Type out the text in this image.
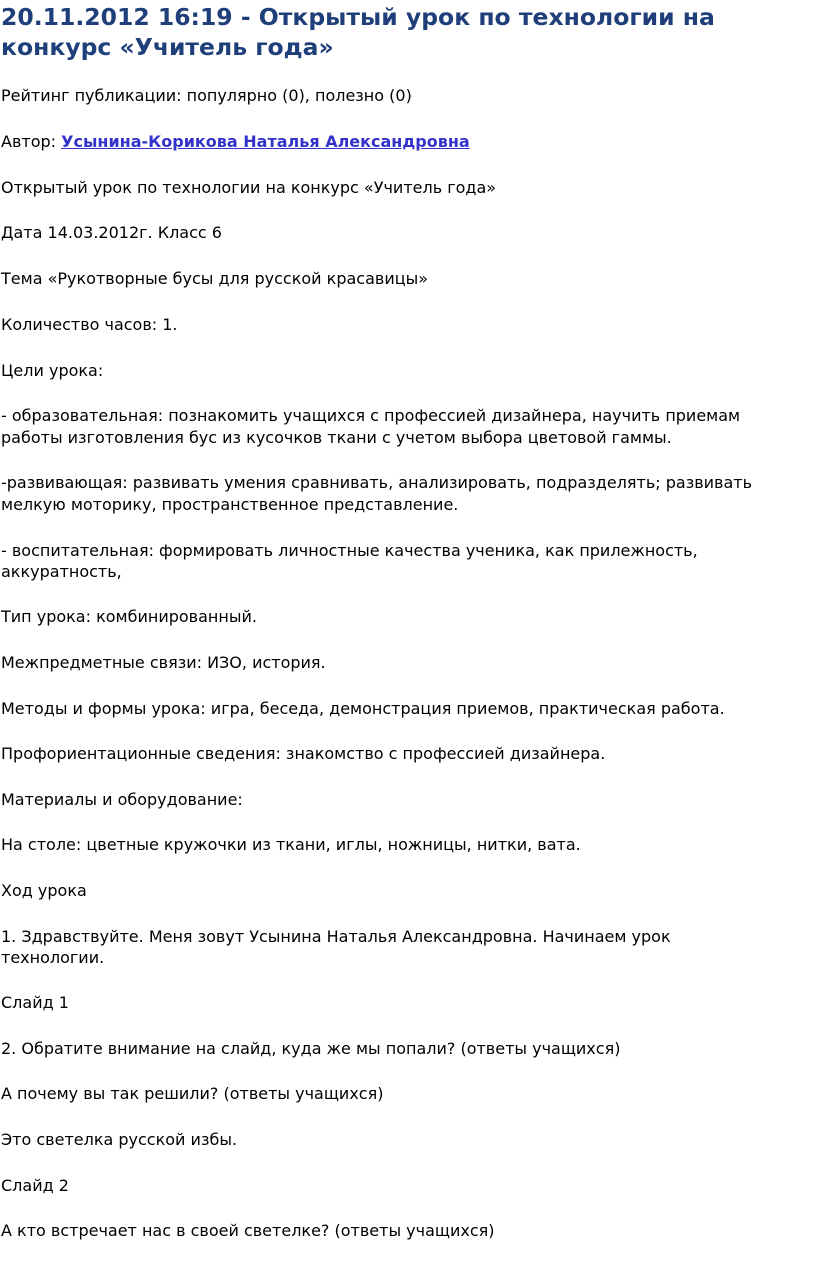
20.11.2012 16:19 - Открытый урок по технологии на конкурс «Учитель года»

Рейтинг публикации: популярно (0), полезно (0)

Автор: Усынина-Корикова Наталья Александровна

Открытый урок по технологии на конкурс «Учитель года»

Дата 14.03.2012г. Класс 6

Тема «Рукотворные бусы для русской красавицы»

Количество часов: 1.

Цели урока:

- образовательная: познакомить учащихся с профессией дизайнера, научить приемам

работы изготовления бус из кусочков ткани с учетом выбора цветовой гаммы.

-развивающая: развивать умения сравнивать, анализировать, подразделять; развивать

мелкую моторику, пространственное представление.

- воспитательная: формировать личностные качества ученика, как прилежность,

аккуратность,

Тип урока: комбинированный.

Межпредметные связи: ИЗО, история.

Методы и формы урока: игра, беседа, демонстрация приемов, практическая работа.

Профориентационные сведения: знакомство с профессией дизайнера.

Материалы и оборудование:

На столе: цветные кружочки из ткани, иглы, ножницы, нитки, вата.

Ход урока

1. Здравствуйте. Меня зовут Усынина Наталья Александровна. Начинаем урок

технологии.

Слайд 1

2. Обратите внимание на слайд, куда же мы попали? (ответы учащихся)

А почему вы так решили? (ответы учащихся)

Это светелка русской избы.

Слайд 2

А кто встречает нас в своей светелке? (ответы учащихся)
